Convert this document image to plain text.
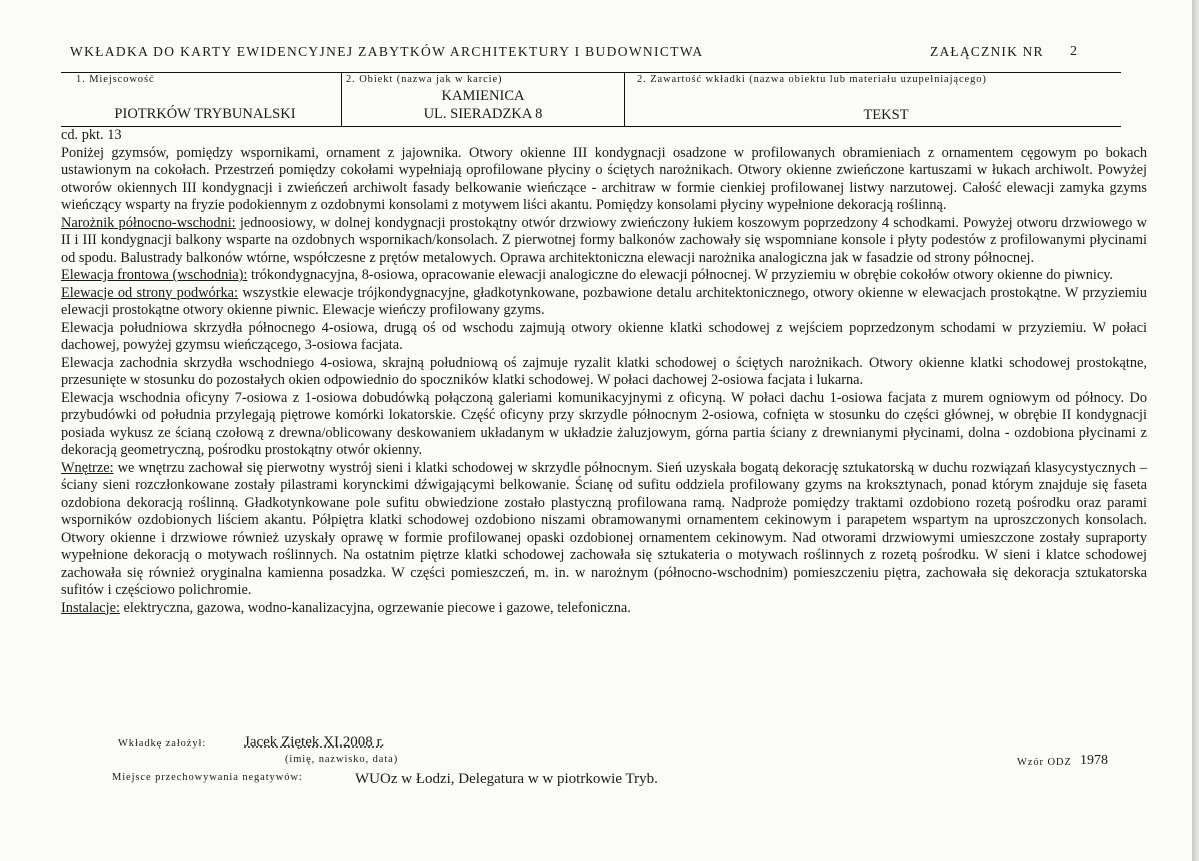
WKŁADKA DO KARTY EWIDENCYJNEJ ZABYTKÓW ARCHITEKTURY I BUDOWNICTWA	ZAŁĄCZNIK NR 2
1. Miejscowość
PIOTRKÓW TRYBUNALSKI
2. Obiekt (nazwa jak w karcie)
KAMIENICA
UL. SIERADZKA 8
2. Zawartość wkładki (nazwa obiektu lub materiału uzupełniającego)
TEKST

cd. pkt. 13

Poniżej gzymsów, pomiędzy wspornikami, ornament z jajownika. Otwory okienne III kondygnacji osadzone w profilowanych obramieniach z ornamentem cęgowym po bokach ustawionym na cokołach. Przestrzeń pomiędzy cokołami wypełniają oprofilowane płyciny o ściętych narożnikach. Otwory okienne zwieńczone kartuszami w łukach archiwolt. Powyżej otworów okiennych III kondygnacji i zwieńczeń archiwolt fasady belkowanie wieńczące - architraw w formie cienkiej profilowanej listwy narzutowej. Całość elewacji zamyka gzyms wieńczący wsparty na fryzie podokiennym z ozdobnymi konsolami z motywem liści akantu. Pomiędzy konsolami płyciny wypełnione dekoracją roślinną.

Narożnik północno-wschodni: jednoosiowy, w dolnej kondygnacji prostokątny otwór drzwiowy zwieńczony łukiem koszowym poprzedzony 4 schodkami. Powyżej otworu drzwiowego w II i III kondygnacji balkony wsparte na ozdobnych wspornikach/konsolach. Z pierwotnej formy balkonów zachowały się wspomniane konsole i płyty podestów z profilowanymi płycinami od spodu. Balustrady balkonów wtórne, współczesne z prętów metalowych. Oprawa architektoniczna elewacji narożnika analogiczna jak w fasadzie od strony północnej.

Elewacja frontowa (wschodnia): trókondygnacyjna, 8-osiowa, opracowanie elewacji analogiczne do elewacji północnej. W przyziemiu w obrębie cokołów otwory okienne do piwnicy.

Elewacje od strony podwórka: wszystkie elewacje trójkondygnacyjne, gładkotynkowane, pozbawione detalu architektonicznego, otwory okienne w elewacjach prostokątne. W przyziemiu elewacji prostokątne otwory okienne piwnic. Elewacje wieńczy profilowany gzyms.

Elewacja południowa skrzydła północnego 4-osiowa, drugą oś od wschodu zajmują otwory okienne klatki schodowej z wejściem poprzedzonym schodami w przyziemiu. W połaci dachowej, powyżej gzymsu wieńczącego, 3-osiowa facjata.

Elewacja zachodnia skrzydła wschodniego 4-osiowa, skrajną południową oś zajmuje ryzalit klatki schodowej o ściętych narożnikach. Otwory okienne klatki schodowej prostokątne, przesunięte w stosunku do pozostałych okien odpowiednio do spoczników klatki schodowej. W połaci dachowej 2-osiowa facjata i lukarna.

Elewacja wschodnia oficyny 7-osiowa z 1-osiowa dobudówką połączoną galeriami komunikacyjnymi z oficyną. W połaci dachu 1-osiowa facjata z murem ogniowym od północy. Do przybudówki od południa przylegają piętrowe komórki lokatorskie. Część oficyny przy skrzydle północnym 2-osiowa, cofnięta w stosunku do części głównej, w obrębie II kondygnacji posiada wykusz ze ścianą czołową z drewna/oblicowany deskowaniem układanym w układzie żaluzjowym, górna partia ściany z drewnianymi płycinami, dolna - ozdobiona płycinami z dekoracją geometryczną, pośrodku prostokątny otwór okienny.

Wnętrze: we wnętrzu zachował się pierwotny wystrój sieni i klatki schodowej w skrzydle północnym. Sień uzyskała bogatą dekorację sztukatorską w duchu rozwiązań klasycystycznych – ściany sieni rozczłonkowane zostały pilastrami korynckimi dźwigającymi belkowanie. Ścianę od sufitu oddziela profilowany gzyms na kroksztynach, ponad którym znajduje się faseta ozdobiona dekoracją roślinną. Gładkotynkowane pole sufitu obwiedzione zostało plastyczną profilowana ramą. Nadproże pomiędzy traktami ozdobiono rozetą pośrodku oraz parami wsporników ozdobionych liściem akantu. Półpiętra klatki schodowej ozdobiono niszami obramowanymi ornamentem cekinowym i parapetem wspartym na uproszczonych konsolach. Otwory okienne i drzwiowe również uzyskały oprawę w formie profilowanej opaski ozdobionej ornamentem cekinowym. Nad otworami drzwiowymi umieszczone zostały supraporty wypełnione dekoracją o motywach roślinnych. Na ostatnim piętrze klatki schodowej zachowała się sztukateria o motywach roślinnych z rozetą pośrodku. W sieni i klatce schodowej zachowała się również oryginalna kamienna posadzka. W części pomieszczeń, m. in. w narożnym (północno-wschodnim) pomieszczeniu piętra, zachowała się dekoracja sztukatorska sufitów i częściowo polichromie.

Instalacje: elektryczna, gazowa, wodno-kanalizacyjna, ogrzewanie piecowe i gazowe, telefoniczna.

Wkładkę założył:	Jacek Ziętek XI.2008 r.
(imię, nazwisko, data)
Miejsce przechowywania negatywów:	WUOz w Łodzi, Delegatura w w piotrkowie Tryb.
Wzór ODZ 1978
